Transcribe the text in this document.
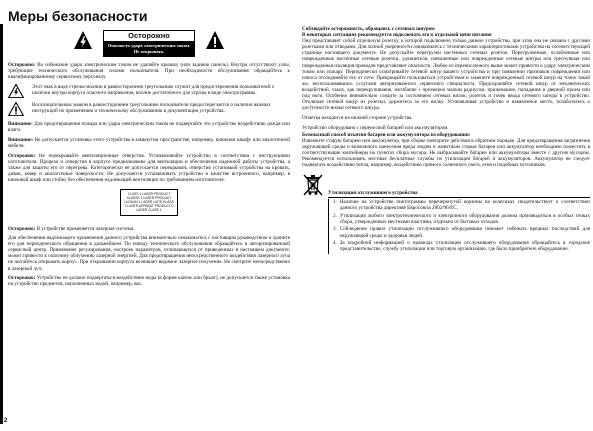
Меры безопасности
Осторожно
Опасность удара электрическим током. Не открывать.

Осторожно: Во избежание удара электрическим током не удаляйте крышку (или заднюю панель). Внутри отсутствуют узлы, требующие технического обслуживания силами пользователя. При необходимости обслуживания обращайтесь к квалифицированному сервисному персоналу.

Этот знак в виде стрелы-молнии в равностороннем треугольнике служит для предостережения пользователей о наличии внутри корпуса опасного напряжения, вполне достаточного для угрозы в виде электротравмы.
Восклицательным знаком в равностороннем треугольнике пользователи предостерегаются о наличии важных инструкций по применению и техническому обслуживанию в документации устройства.

Внимание: Для предотвращения пожара или удара электрическим током не подвергайте это устройство воздействию дождя или влаги.

Внимание: Не допускается установка этого устройства в замкнутом пространстве, например, книжном шкафу или аналогичной мебели.

Осторожно: Не перекрывайте вентиляционные отверстия. Устанавливайте устройство в соответствии с инструкциями изготовителя. Прорези и отверстия в корпусе предназначены для вентиляции и обеспечения надежной работы устройства, а также для защиты его от перегрева. Категорически не допускается перекрывать отверстия установкой устройства на кровать, диван, ковер и аналогичные поверхности. Не допускается устанавливать устройство в качестве встроенного, например, в книжный шкаф или стойку без обеспечения надлежащей вентиляции по требованиям изготовителя.

CLASS 1 LASER PRODUCT KLASSE 1 LASER PRODUKT LUOKAN 1 LASER LAITE KLASS 1 LASER APPARAT PRODUCTO LASER CLASE 1

Осторожно: В устройстве применяется лазерная система.

Для обеспечения надлежащего применения данного устройства внимательно ознакомьтесь с настоящим руководством и храните его для периодического обращения в дальнейшем. По поводу технического обслуживания обращайтесь в авторизированный сервисный центр. Применение регулирования, настроек параметров, отличающихся от приведенных в настоящем документе, может привести к опасному облучению лазерной энергией. Для предотвращения непосредственного воздействия лазерного луча не пытайтесь открывать корпус. При открывании корпуса возникает видимое лазерное излучение. Не смотрите непосредственно в лазерный луч.

Осторожно: Устройство не должно подвергаться воздействию воды (в форме капель или брызг), не допускается также установка на устройство предметов, наполненных водой, например, ваз.

Соблюдайте осторожность, обращаясь с сетевым шнуром
В некоторых ситуациях рекомендуется подключать его к отдельной цепи питания

Она представляет собой отдельную розетку, к которой подключено только данное устройство, при этом она не связана с другими розетками или отводами. Для полной уверенности ознакомьтесь с техническими характеристиками устройства на соответствующей странице настоящего документа. Не допускайте перегрузки настенных сетевых розеток. Перегруженные, ослабленные или поврежденные настенные сетевые розетки, удлинители, изношенные или поврежденные сетевые шнуры или треснувшая или поврежденная изоляция проводов представляют опасность. Любое из перечисленного выше может привести к удару электрическим током или пожару. Периодически осматривайте сетевой шнур вашего устройства и при появлении признаков повреждения или износа отсоединяйте его от сети. Прекращайте пользоваться устройством и замените поврежденный сетевой шнур на точно такой же, воспользовавшись услугами авторизованного сервисного специалиста. Предохраняйте сетевой шнур от механических воздействий, таких, как перекручивание, изгибание с чрезмерно малым радиусом, прижимание, попадание в дверной проем или под ноги. Особенно внимательно следите за состоянием сетевых вилок, розеток и точек ввода сетевого шнура в устройство. Отключая сетевой шнур из розетки, держитесь за его вилку. Устанавливая устройство в намеченное место, позаботьтесь о доступности вилки сетевого шнура.

Отметка находится на нижней стороне устройства.

Устройство оборудовано с переносной батарей или аккумулятором.

Безопасный способ изъятия батареи или аккумулятора из оборудования:

Извлеките старую батарею или аккумулятор, при сборке повторите действия в обратном порядке. Для предотвращения загрязнения окружающей среды и возможного нанесения вреда людям и животным старые батареи или аккумулятор необходимо поместить в соответствующие контейнеры на пунктах сбора мусора. Не выбрасывайте батареи или аккумуляторы вместе с другим мусором. Рекомендуется использовать местные бесплатные службы по утилизации батарей и аккумуляторов. Аккумулятор не следует подвергать воздействию тепла, например, воздействию прямого солнечного света, огня и подобных источников.

Утилизация отслужившего устройства
1. Наличие на устройстве пиктограммы перечеркнутой корзины на колесиках свидетельствует о соответствии данного устройства директиве Евросоюза 2002/96/EC.
2. Утилизация любого электротехнического и электронного оборудования должна производиться в особых точках сбора, утвержденных местными властями, отдельно от бытовых отходов.
3. Соблюдение правил утилизации отслужившего оборудования поможет избежать вредных последствий для окружающей среды и здоровья людей.
4. За подробной информацией о правилах утилизации отслужившего оборудования обращайтесь в городское представительство, службу утилизации или торговую организацию, где было приобретено оборудование.
2
